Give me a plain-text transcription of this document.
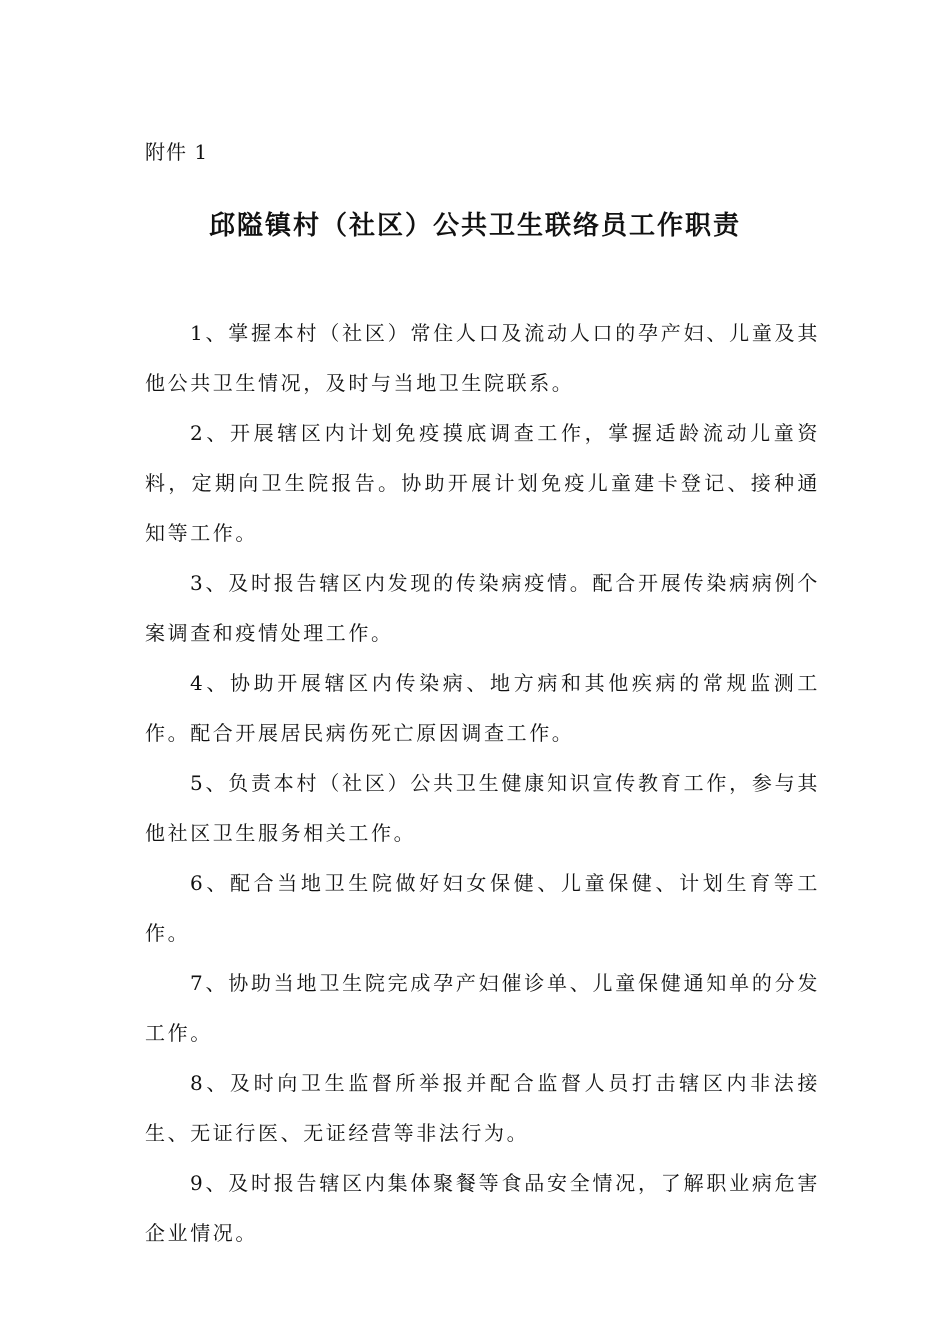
附件 1
邱隘镇村（社区）公共卫生联络员工作职责

1、掌握本村（社区）常住人口及流动人口的孕产妇、儿童及其他公共卫生情况，及时与当地卫生院联系。

2、开展辖区内计划免疫摸底调查工作，掌握适龄流动儿童资料，定期向卫生院报告。协助开展计划免疫儿童建卡登记、接种通知等工作。

3、及时报告辖区内发现的传染病疫情。配合开展传染病病例个案调查和疫情处理工作。

4、协助开展辖区内传染病、地方病和其他疾病的常规监测工作。配合开展居民病伤死亡原因调查工作。

5、负责本村（社区）公共卫生健康知识宣传教育工作，参与其他社区卫生服务相关工作。

6、配合当地卫生院做好妇女保健、儿童保健、计划生育等工作。

7、协助当地卫生院完成孕产妇催诊单、儿童保健通知单的分发工作。

8、及时向卫生监督所举报并配合监督人员打击辖区内非法接生、无证行医、无证经营等非法行为。

9、及时报告辖区内集体聚餐等食品安全情况，了解职业病危害企业情况。
